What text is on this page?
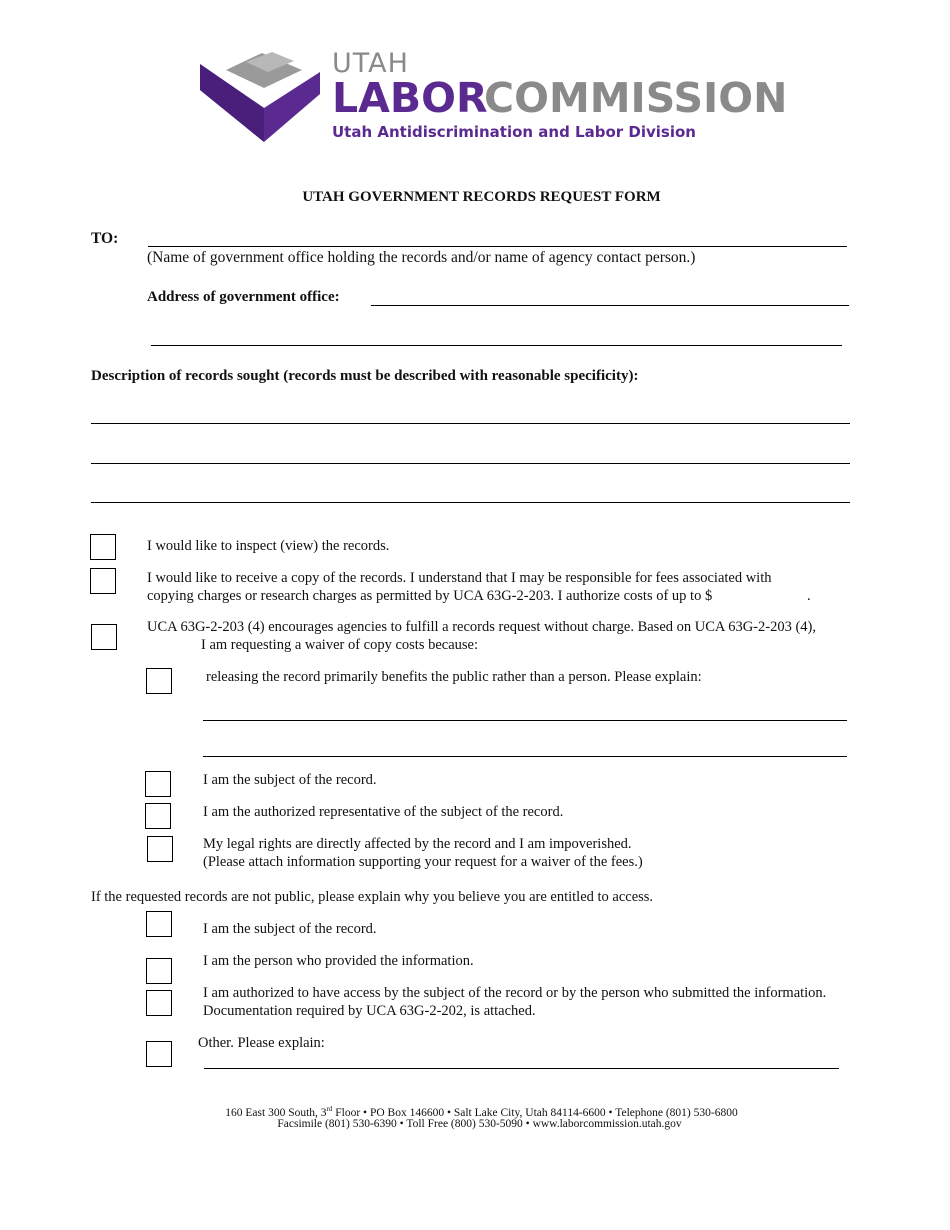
UTAH
LABOR
COMMISSION
Utah Antidiscrimination and Labor Division
UTAH GOVERNMENT RECORDS REQUEST FORM
TO:
(Name of government office holding the records and/or name of agency contact person.)
Address of government office:
Description of records sought (records must be described with reasonable specificity):
I would like to inspect (view) the records.
I would like to receive a copy of the records. I understand that I may be responsible for fees associated with
copying charges or research charges as permitted by UCA 63G-2-203. I authorize costs of up to $	.
UCA 63G-2-203 (4) encourages agencies to fulfill a records request without charge. Based on UCA 63G-2-203 (4),
I am requesting a waiver of copy costs because:
releasing the record primarily benefits the public rather than a person. Please explain:
I am the subject of the record.
I am the authorized representative of the subject of the record.
My legal rights are directly affected by the record and I am impoverished.
(Please attach information supporting your request for a waiver of the fees.)
If the requested records are not public, please explain why you believe you are entitled to access.
I am the subject of the record.
I am the person who provided the information.
I am authorized to have access by the subject of the record or by the person who submitted the information.
Documentation required by UCA 63G-2-202, is attached.
Other. Please explain:
160 East 300 South, 3rd Floor • PO Box 146600 • Salt Lake City, Utah 84114-6600 • Telephone (801) 530-6800
Facsimile (801) 530-6390 • Toll Free (800) 530-5090 • www.laborcommission.utah.gov
